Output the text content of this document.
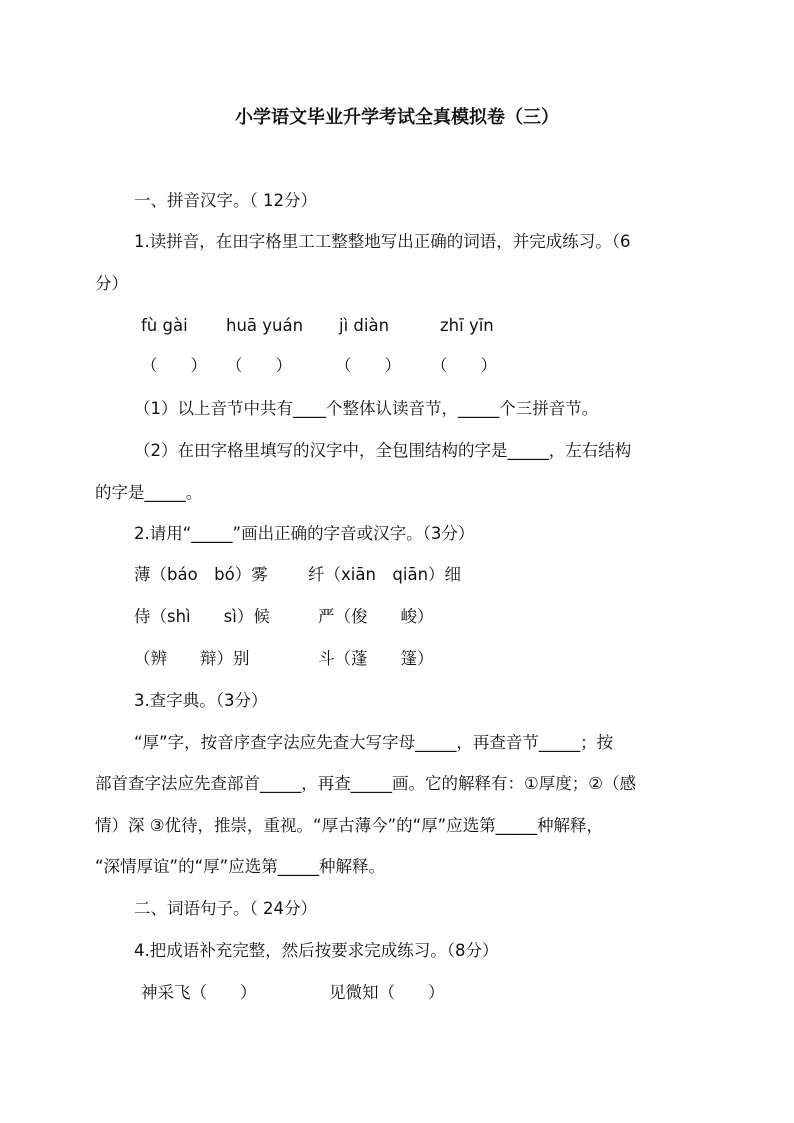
小学语文毕业升学考试全真模拟卷（三）
一、拼音汉字。（ 12分）
1.读拼音，在田字格里工工整整地写出正确的词语，并完成练习。（6
分）
fù gài huā yuán jì diàn	zhī yīn
（　　） （　　）	（　　） （　　）
（1）以上音节中共有____个整体认读音节，_____个三拼音节。
（2）在田字格里填写的汉字中，全包围结构的字是_____，左右结构
的字是_____。
2.请用“_____”画出正确的字音或汉字。（3分）
薄（báo　bó）雾 纤（xiān　qiān）细
侍（shì　　sì）候	严（俊　　峻）
（辨　　辩）别	斗（蓬　　篷）
3.查字典。（3分）
“厚”字，按音序查字法应先查大写字母_____，再查音节_____；按
部首查字法应先查部首_____，再查_____画。它的解释有：①厚度；②（感
情）深 ③优待，推崇，重视。“厚古薄今”的“厚”应选第_____种解释，
“深情厚谊”的“厚”应选第_____种解释。
二、词语句子。（ 24分）
4.把成语补充完整，然后按要求完成练习。（8分）
神采飞（　　）	见微知（　　）
